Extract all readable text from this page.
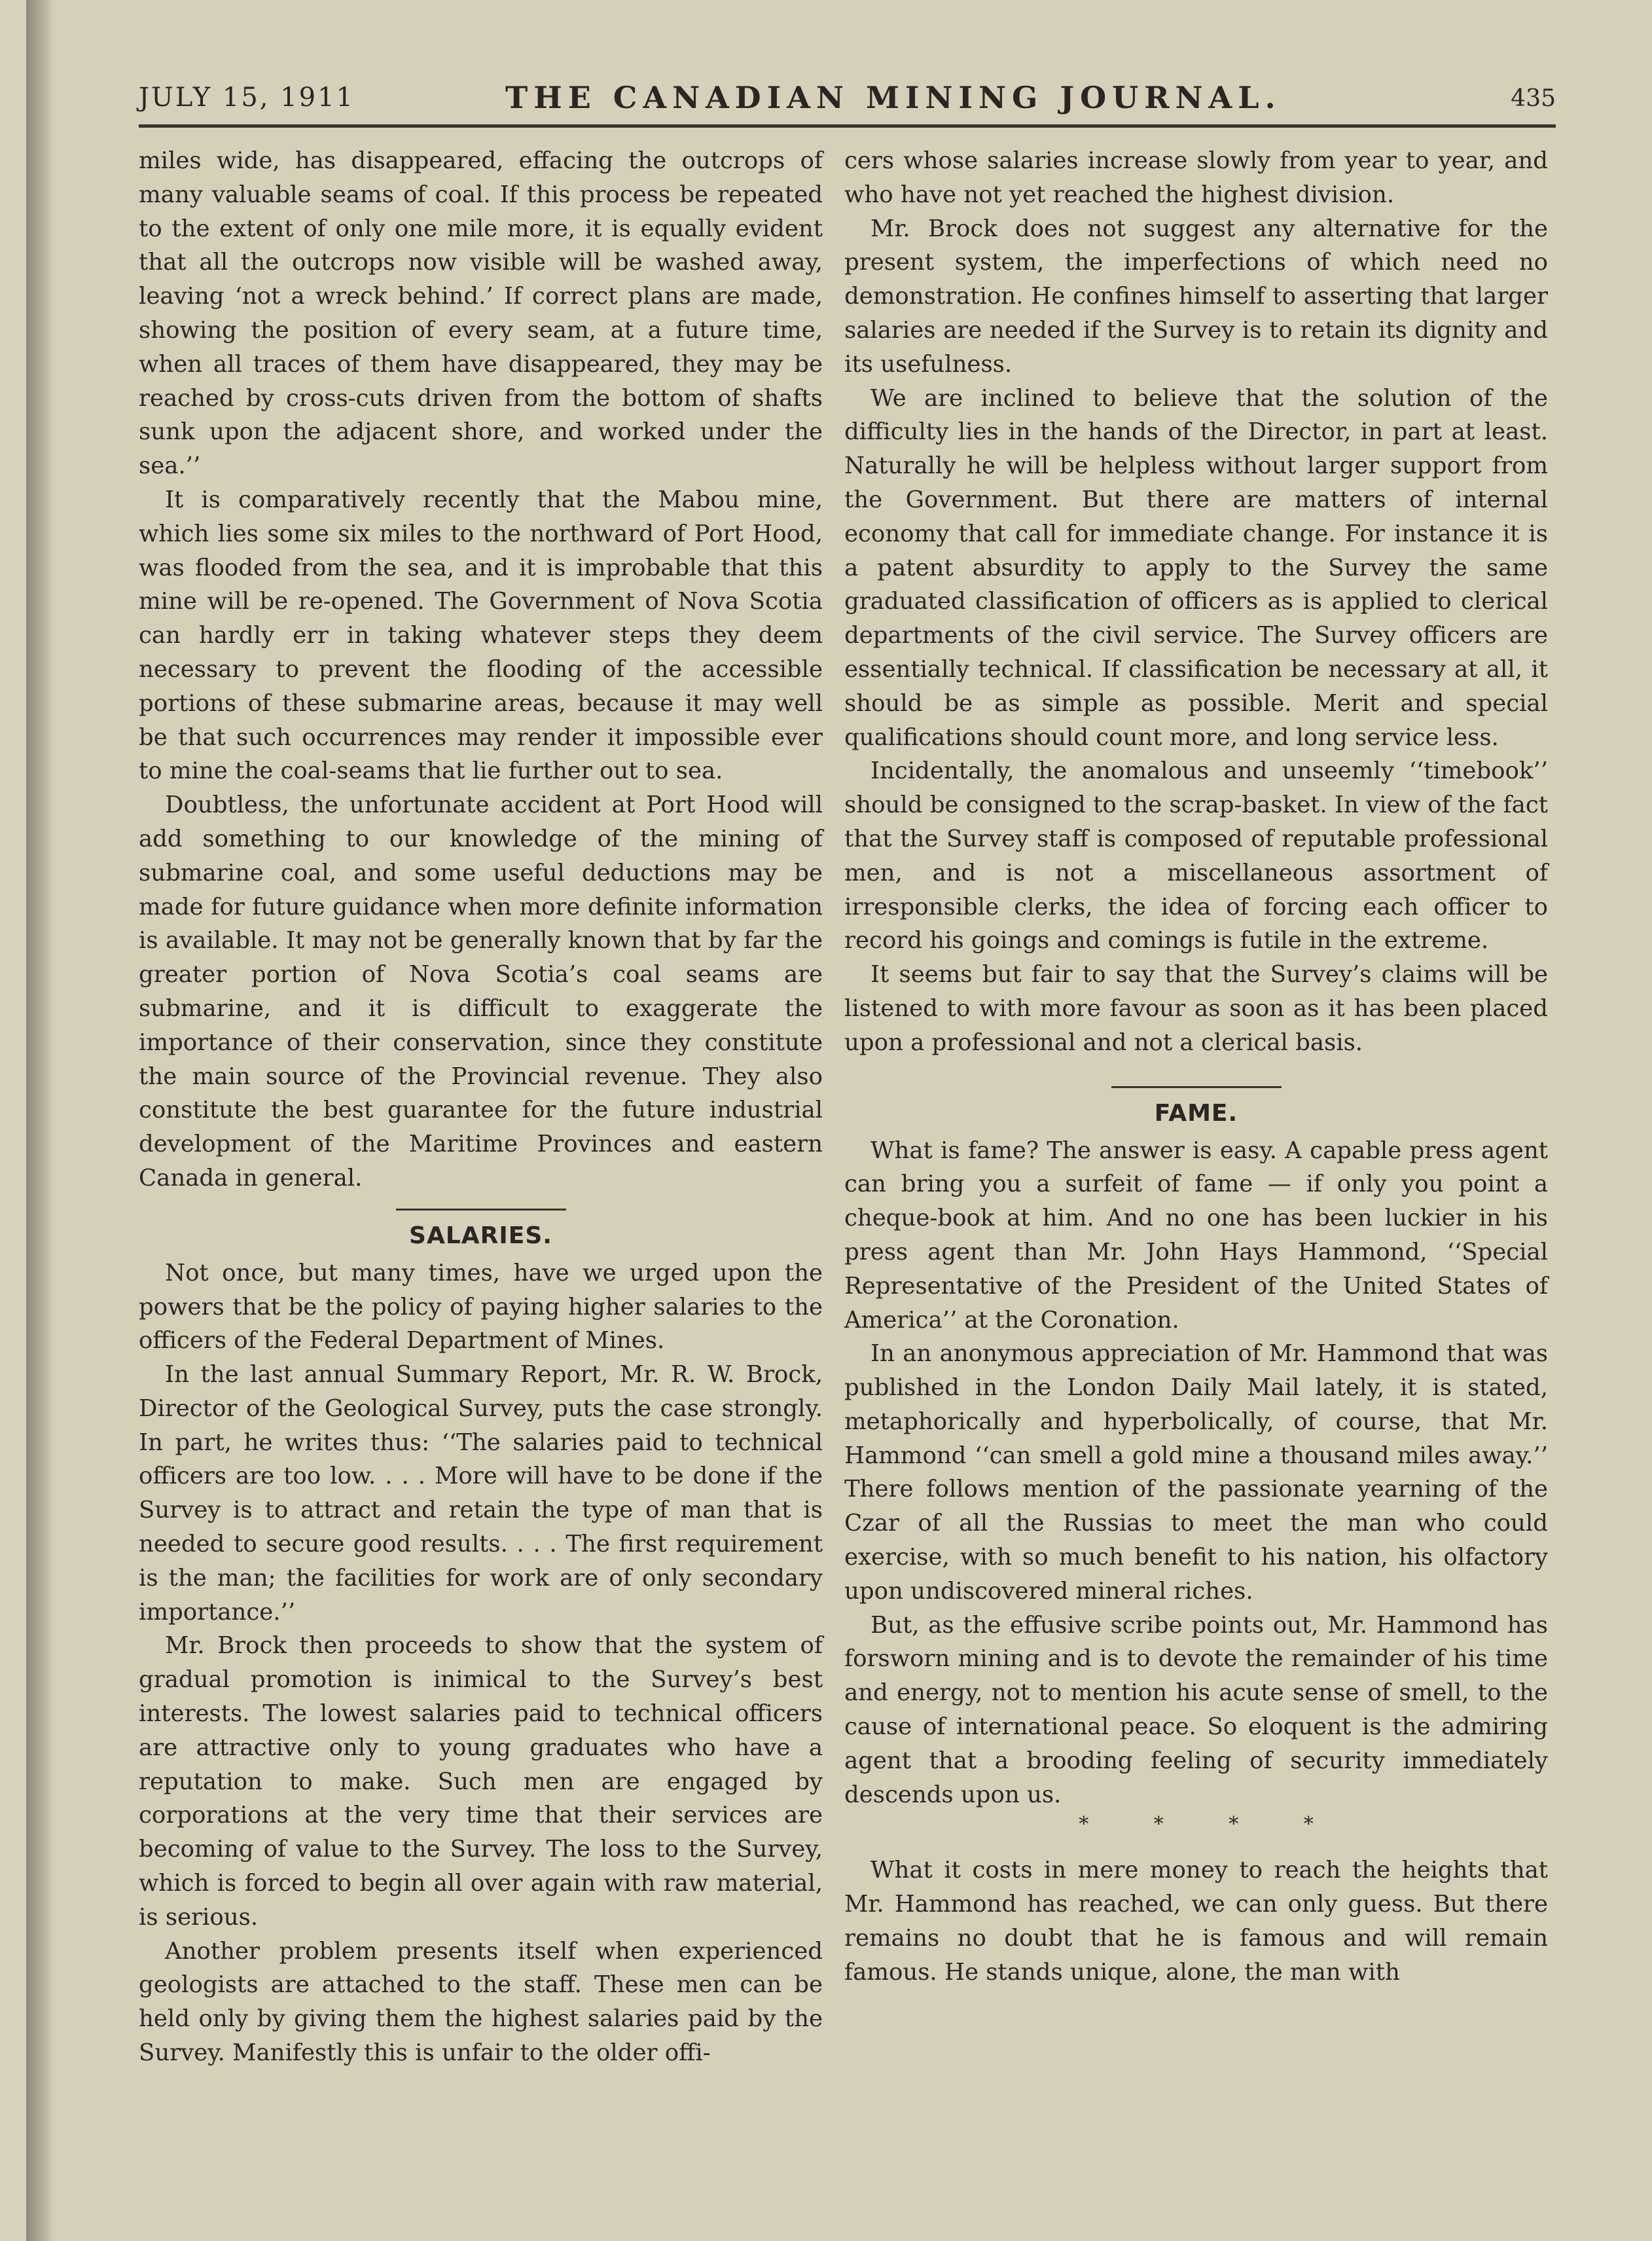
JULY 15, 1911	THE CANADIAN MINING JOURNAL.	435

miles wide, has disappeared, effacing the outcrops of many valuable seams of coal. If this process be repeated to the extent of only one mile more, it is equally evident that all the outcrops now visible will be washed away, leaving ‘not a wreck behind.’ If correct plans are made, showing the position of every seam, at a future time, when all traces of them have disappeared, they may be reached by cross-cuts driven from the bottom of shafts sunk upon the adjacent shore, and worked under the sea.’’

It is comparatively recently that the Mabou mine, which lies some six miles to the northward of Port Hood, was flooded from the sea, and it is improbable that this mine will be re-opened. The Government of Nova Scotia can hardly err in taking whatever steps they deem necessary to prevent the flooding of the accessible portions of these submarine areas, because it may well be that such occurrences may render it impossible ever to mine the coal-seams that lie further out to sea.

Doubtless, the unfortunate accident at Port Hood will add something to our knowledge of the mining of submarine coal, and some useful deductions may be made for future guidance when more definite information is available. It may not be generally known that by far the greater portion of Nova Scotia’s coal seams are submarine, and it is difficult to exaggerate the importance of their conservation, since they constitute the main source of the Provincial revenue. They also constitute the best guarantee for the future industrial development of the Maritime Provinces and eastern Canada in general.

SALARIES.

Not once, but many times, have we urged upon the powers that be the policy of paying higher salaries to the officers of the Federal Department of Mines.

In the last annual Summary Report, Mr. R. W. Brock, Director of the Geological Survey, puts the case strongly. In part, he writes thus: ‘‘The salaries paid to technical officers are too low. . . . More will have to be done if the Survey is to attract and retain the type of man that is needed to secure good results. . . . The first requirement is the man; the facilities for work are of only secondary importance.’’

Mr. Brock then proceeds to show that the system of gradual promotion is inimical to the Survey’s best interests. The lowest salaries paid to technical officers are attractive only to young graduates who have a reputation to make. Such men are engaged by corporations at the very time that their services are becoming of value to the Survey. The loss to the Survey, which is forced to begin all over again with raw material, is serious.

Another problem presents itself when experienced geologists are attached to the staff. These men can be held only by giving them the highest salaries paid by the Survey. Manifestly this is unfair to the older offi-

cers whose salaries increase slowly from year to year, and who have not yet reached the highest division.

Mr. Brock does not suggest any alternative for the present system, the imperfections of which need no demonstration. He confines himself to asserting that larger salaries are needed if the Survey is to retain its dignity and its usefulness.

We are inclined to believe that the solution of the difficulty lies in the hands of the Director, in part at least. Naturally he will be helpless without larger support from the Government. But there are matters of internal economy that call for immediate change. For instance it is a patent absurdity to apply to the Survey the same graduated classification of officers as is applied to clerical departments of the civil service. The Survey officers are essentially technical. If classification be necessary at all, it should be as simple as possible. Merit and special qualifications should count more, and long service less.

Incidentally, the anomalous and unseemly ‘‘timebook’’ should be consigned to the scrap-basket. In view of the fact that the Survey staff is composed of reputable professional men, and is not a miscellaneous assortment of irresponsible clerks, the idea of forcing each officer to record his goings and comings is futile in the extreme.

It seems but fair to say that the Survey’s claims will be listened to with more favour as soon as it has been placed upon a professional and not a clerical basis.

FAME.

What is fame? The answer is easy. A capable press agent can bring you a surfeit of fame — if only you point a cheque-book at him. And no one has been luckier in his press agent than Mr. John Hays Hammond, ‘‘Special Representative of the President of the United States of America’’ at the Coronation.

In an anonymous appreciation of Mr. Hammond that was published in the London Daily Mail lately, it is stated, metaphorically and hyperbolically, of course, that Mr. Hammond ‘‘can smell a gold mine a thousand miles away.’’ There follows mention of the passionate yearning of the Czar of all the Russias to meet the man who could exercise, with so much benefit to his nation, his olfactory upon undiscovered mineral riches.

But, as the effusive scribe points out, Mr. Hammond has forsworn mining and is to devote the remainder of his time and energy, not to mention his acute sense of smell, to the cause of international peace. So eloquent is the admiring agent that a brooding feeling of security immediately descends upon us.

* * * *

What it costs in mere money to reach the heights that Mr. Hammond has reached, we can only guess. But there remains no doubt that he is famous and will remain famous. He stands unique, alone, the man with
